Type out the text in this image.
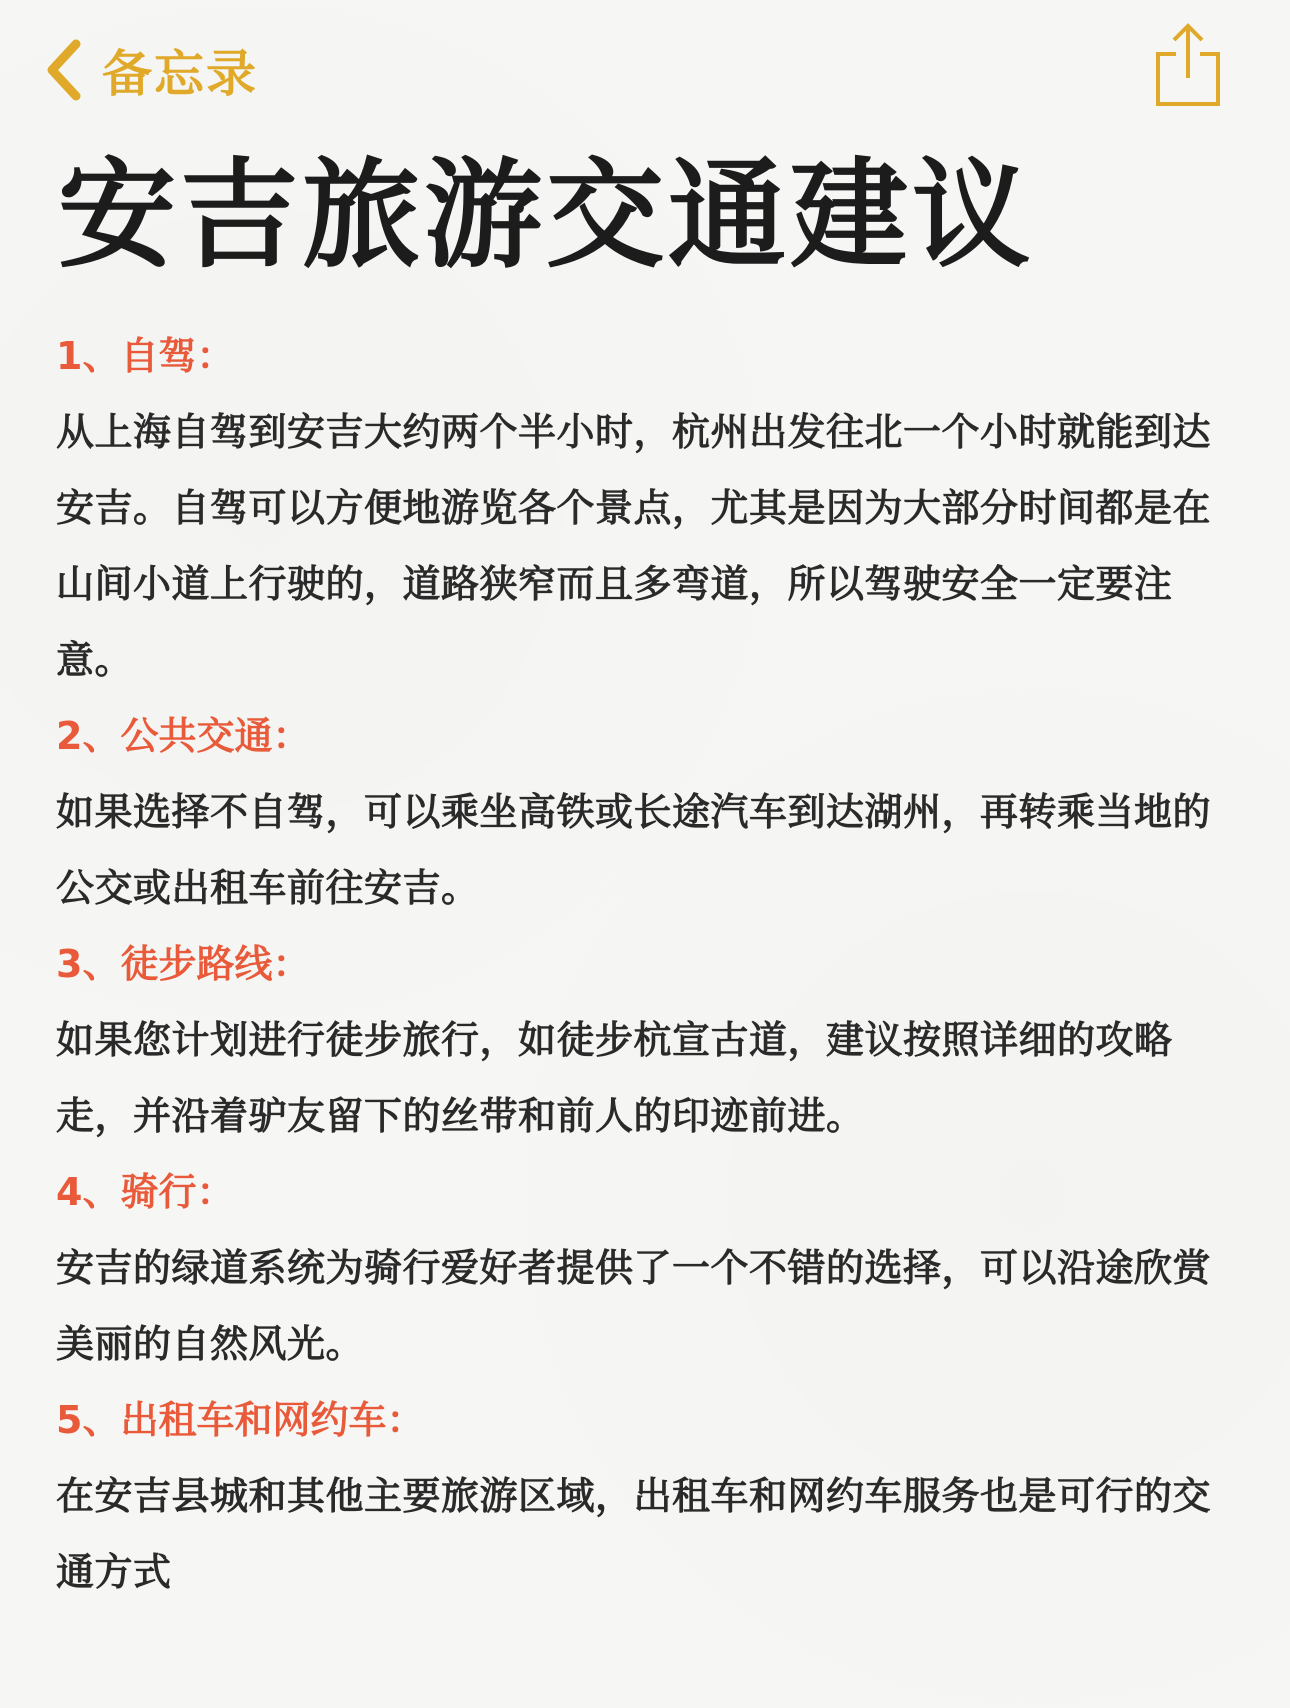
备忘录
安吉旅游交通建议
1、自驾：
从上海自驾到安吉大约两个半小时，杭州出发往北一个小时就能到达安吉。自驾可以方便地游览各个景点，尤其是因为大部分时间都是在山间小道上行驶的，道路狭窄而且多弯道，所以驾驶安全一定要注意。
2、公共交通：
如果选择不自驾，可以乘坐高铁或长途汽车到达湖州，再转乘当地的公交或出租车前往安吉。
3、徒步路线：
如果您计划进行徒步旅行，如徒步杭宣古道，建议按照详细的攻略走，并沿着驴友留下的丝带和前人的印迹前进。
4、骑行：
安吉的绿道系统为骑行爱好者提供了一个不错的选择，可以沿途欣赏美丽的自然风光。
5、出租车和网约车：
在安吉县城和其他主要旅游区域，出租车和网约车服务也是可行的交通方式
